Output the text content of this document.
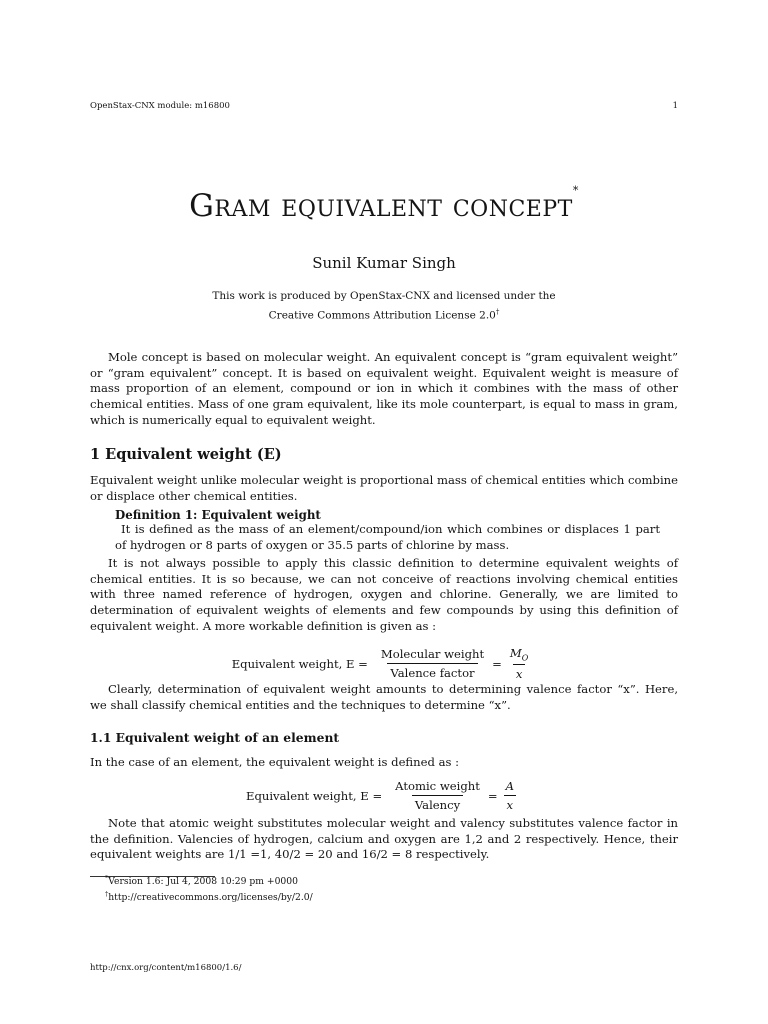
OpenStax-CNX module: m16800	1
Gram equivalent concept*
Sunil Kumar Singh
This work is produced by OpenStax-CNX and licensed under the
Creative Commons Attribution License 2.0†

Mole concept is based on molecular weight. An equivalent concept is “gram equivalent weight” or “gram equivalent” concept. It is based on equivalent weight. Equivalent weight is measure of mass proportion of an element, compound or ion in which it combines with the mass of other chemical entities. Mass of one gram equivalent, like its mole counterpart, is equal to mass in gram, which is numerically equal to equivalent weight.

1 Equivalent weight (E)

Equivalent weight unlike molecular weight is proportional mass of chemical entities which combine or displace other chemical entities.

Definition 1: Equivalent weight

It is defined as the mass of an element/compound/ion which combines or displaces 1 part of hydrogen or 8 parts of oxygen or 35.5 parts of chlorine by mass.

It is not always possible to apply this classic definition to determine equivalent weights of chemical entities. It is so because, we can not conceive of reactions involving chemical entities with three named reference of hydrogen, oxygen and chlorine. Generally, we are limited to determination of equivalent weights of elements and few compounds by using this definition of equivalent weight. A more workable definition is given as :

Equivalent weight, $E = \frac{\text{Molecular weight}}{\text{Valence factor}} = \frac{M_O}{x}$

Clearly, determination of equivalent weight amounts to determining valence factor “x”. Here, we shall classify chemical entities and the techniques to determine “x”.

1.1 Equivalent weight of an element

In the case of an element, the equivalent weight is defined as :

Equivalent weight, $E = \frac{\text{Atomic weight}}{\text{Valency}} = \frac{A}{x}$

Note that atomic weight substitutes molecular weight and valency substitutes valence factor in the definition. Valencies of hydrogen, calcium and oxygen are 1,2 and 2 respectively. Hence, their equivalent weights are 1/1 =1, 40/2 = 20 and 16/2 = 8 respectively.

*Version 1.6: Jul 4, 2008 10:29 pm +0000
†http://creativecommons.org/licenses/by/2.0/
http://cnx.org/content/m16800/1.6/
